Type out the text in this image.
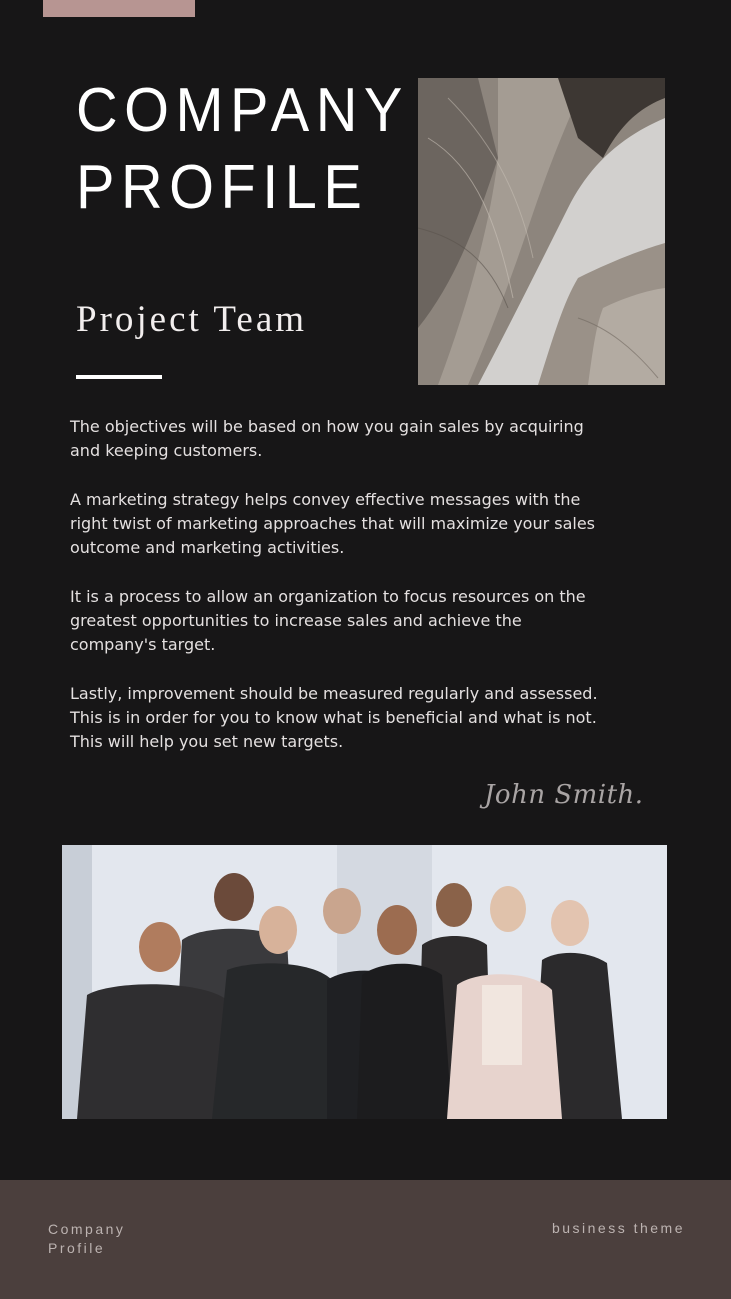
COMPANY
PROFILE
Project Team

The objectives will be based on how you gain sales by acquiring and keeping customers.

A marketing strategy helps convey effective messages with the right twist of marketing approaches that will maximize your sales outcome and marketing activities.

It is a process to allow an organization to focus resources on the greatest opportunities to increase sales and achieve the company's target.

Lastly, improvement should be measured regularly and assessed. This is in order for you to know what is beneficial and what is not. This will help you set new targets.

John Smith.
Company Profile
business theme
